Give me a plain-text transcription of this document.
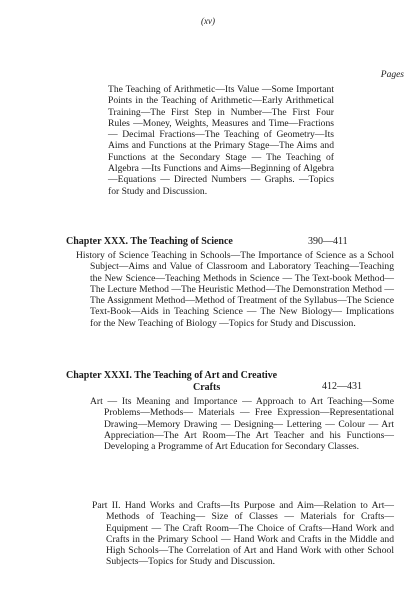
(xv)
Pages

The Teaching of Arithmetic—Its Value —Some Important Points in the Teaching of Arithmetic—Early Arithmetical Training—The First Step in Number—The First Four Rules —Money, Weights, Measures and Time—Fractions — Decimal Fractions—The Teaching of Geometry—Its Aims and Functions at the Primary Stage—The Aims and Functions at the Secondary Stage — The Teaching of Algebra —Its Functions and Aims—Beginning of Algebra —Equations — Directed Numbers — Graphs. —Topics for Study and Discussion.

Chapter XXX. The Teaching of Science	390—411

History of Science Teaching in Schools—The Importance of Science as a School Subject—Aims and Value of Classroom and Laboratory Teaching—Teaching the New Science—Teaching Methods in Science — The Text-book Method—The Lecture Method —The Heuristic Method—The Demonstration Method —The Assignment Method—Method of Treatment of the Syllabus—The Science Text-Book—Aids in Teaching Science — The New Biology— Implications for the New Teaching of Biology —Topics for Study and Discussion.

Chapter XXXI. The Teaching of Art and Creative
Crafts	412—431

Art — Its Meaning and Importance — Approach to Art Teaching—Some Problems—Methods— Materials — Free Expression—Representational Drawing—Memory Drawing — Designing— Lettering — Colour — Art Appreciation—The Art Room—The Art Teacher and his Functions—Developing a Programme of Art Education for Secondary Classes.

Part II. Hand Works and Crafts—Its Purpose and Aim—Relation to Art—Methods of Teaching— Size of Classes — Materials for Crafts—Equipment — The Craft Room—The Choice of Crafts—Hand Work and Crafts in the Primary School — Hand Work and Crafts in the Middle and High Schools—The Correlation of Art and Hand Work with other School Subjects—Topics for Study and Discussion.
